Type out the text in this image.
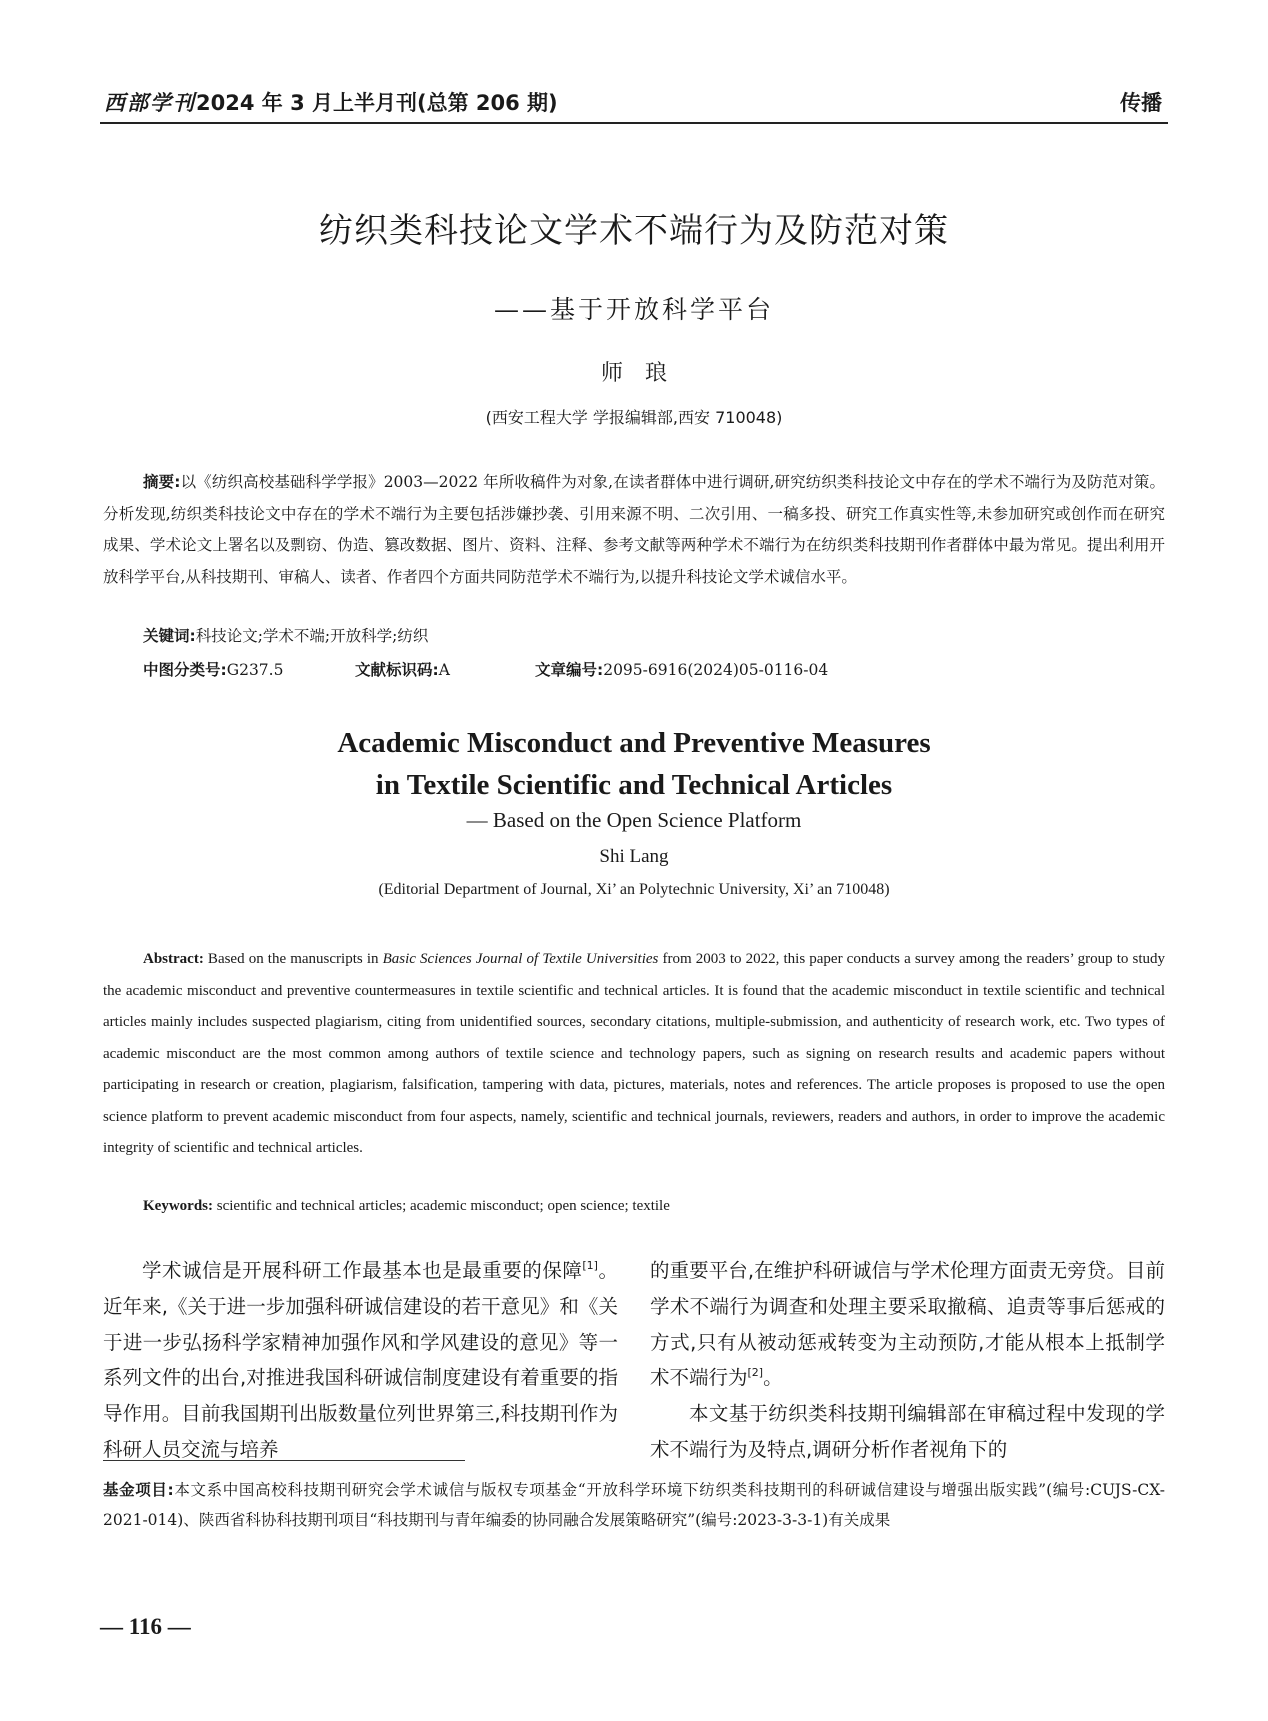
西部学刊2024 年 3 月上半月刊(总第 206 期)	传播
纺织类科技论文学术不端行为及防范对策
——基于开放科学平台
师琅
(西安工程大学 学报编辑部,西安 710048)
摘要:以《纺织高校基础科学学报》2003—2022 年所收稿件为对象,在读者群体中进行调研,研究纺织类科技论文中存在的学术不端行为及防范对策。分析发现,纺织类科技论文中存在的学术不端行为主要包括涉嫌抄袭、引用来源不明、二次引用、一稿多投、研究工作真实性等,未参加研究或创作而在研究成果、学术论文上署名以及剽窃、伪造、篡改数据、图片、资料、注释、参考文献等两种学术不端行为在纺织类科技期刊作者群体中最为常见。提出利用开放科学平台,从科技期刊、审稿人、读者、作者四个方面共同防范学术不端行为,以提升科技论文学术诚信水平。
关键词:科技论文;学术不端;开放科学;纺织
中图分类号:G237.5	文献标识码:A	文章编号:2095-6916(2024)05-0116-04
Academic Misconduct and Preventive Measures
in Textile Scientific and Technical Articles
— Based on the Open Science Platform
Shi Lang
(Editorial Department of Journal, Xi’ an Polytechnic University, Xi’ an 710048)
Abstract: Based on the manuscripts in Basic Sciences Journal of Textile Universities from 2003 to 2022, this paper conducts a survey among the readers’ group to study the academic misconduct and preventive countermeasures in textile scientific and technical articles. It is found that the academic misconduct in textile scientific and technical articles mainly includes suspected plagiarism, citing from unidentified sources, secondary citations, multiple-submission, and authenticity of research work, etc. Two types of academic misconduct are the most common among authors of textile science and technology papers, such as signing on research results and academic papers without participating in research or creation, plagiarism, falsification, tampering with data, pictures, materials, notes and references. The article proposes is proposed to use the open science platform to prevent academic misconduct from four aspects, namely, scientific and technical journals, reviewers, readers and authors, in order to improve the academic integrity of scientific and technical articles.
Keywords: scientific and technical articles; academic misconduct; open science; textile
学术诚信是开展科研工作最基本也是最重要的保障[1]。近年来,《关于进一步加强科研诚信建设的若干意见》和《关于进一步弘扬科学家精神加强作风和学风建设的意见》等一系列文件的出台,对推进我国科研诚信制度建设有着重要的指导作用。目前我国期刊出版数量位列世界第三,科技期刊作为科研人员交流与培养
的重要平台,在维护科研诚信与学术伦理方面责无旁贷。目前学术不端行为调查和处理主要采取撤稿、追责等事后惩戒的方式,只有从被动惩戒转变为主动预防,才能从根本上抵制学术不端行为[2]。
本文基于纺织类科技期刊编辑部在审稿过程中发现的学术不端行为及特点,调研分析作者视角下的
基金项目:本文系中国高校科技期刊研究会学术诚信与版权专项基金“开放科学环境下纺织类科技期刊的科研诚信建设与增强出版实践”(编号:CUJS-CX-2021-014)、陕西省科协科技期刊项目“科技期刊与青年编委的协同融合发展策略研究”(编号:2023-3-3-1)有关成果
— 116 —
